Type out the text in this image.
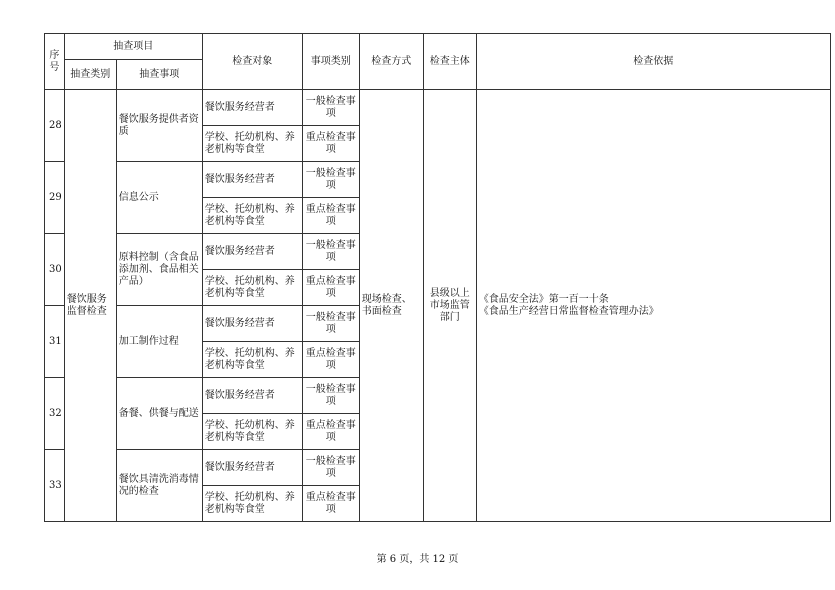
序号	抽查项目		检查对象	事项类别	检查方式	检查主体	检查依据
	抽查类别	抽查事项					
28	餐饮服务监督检查	餐饮服务提供者资质	餐饮服务经营者	一般检查事项	现场检查、书面检查	县级以上市场监管部门	《食品安全法》第一百一十条
《食品生产经营日常监督检查管理办法》
			学校、托幼机构、养老机构等食堂	重点检查事项			
29		信息公示	餐饮服务经营者	一般检查事项			
			学校、托幼机构、养老机构等食堂	重点检查事项			
30		原料控制（含食品添加剂、食品相关产品）	餐饮服务经营者	一般检查事项			
			学校、托幼机构、养老机构等食堂	重点检查事项			
31		加工制作过程	餐饮服务经营者	一般检查事项			
			学校、托幼机构、养老机构等食堂	重点检查事项			
32		备餐、供餐与配送	餐饮服务经营者	一般检查事项			
			学校、托幼机构、养老机构等食堂	重点检查事项			
33		餐饮具清洗消毒情况的检查	餐饮服务经营者	一般检查事项			
			学校、托幼机构、养老机构等食堂	重点检查事项			
第 6 页，共 12 页
